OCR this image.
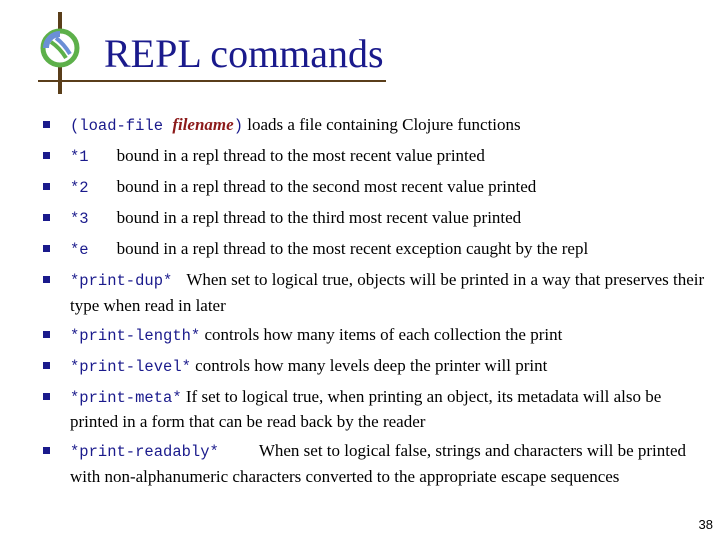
REPL commands
(load-file filename) loads a file containing Clojure functions
*1 bound in a repl thread to the most recent value printed
*2 bound in a repl thread to the second most recent value printed
*3 bound in a repl thread to the third most recent value printed
*e bound in a repl thread to the most recent exception caught by the repl
*print-dup* When set to logical true, objects will be printed in a way that preserves their type when read in later
*print-length* controls how many items of each collection the print
*print-level* controls how many levels deep the printer will print
*print-meta* If set to logical true, when printing an object, its metadata will also be printed in a form that can be read back by the reader
*print-readably* When set to logical false, strings and characters will be printed with non-alphanumeric characters converted to the appropriate escape sequences
38
